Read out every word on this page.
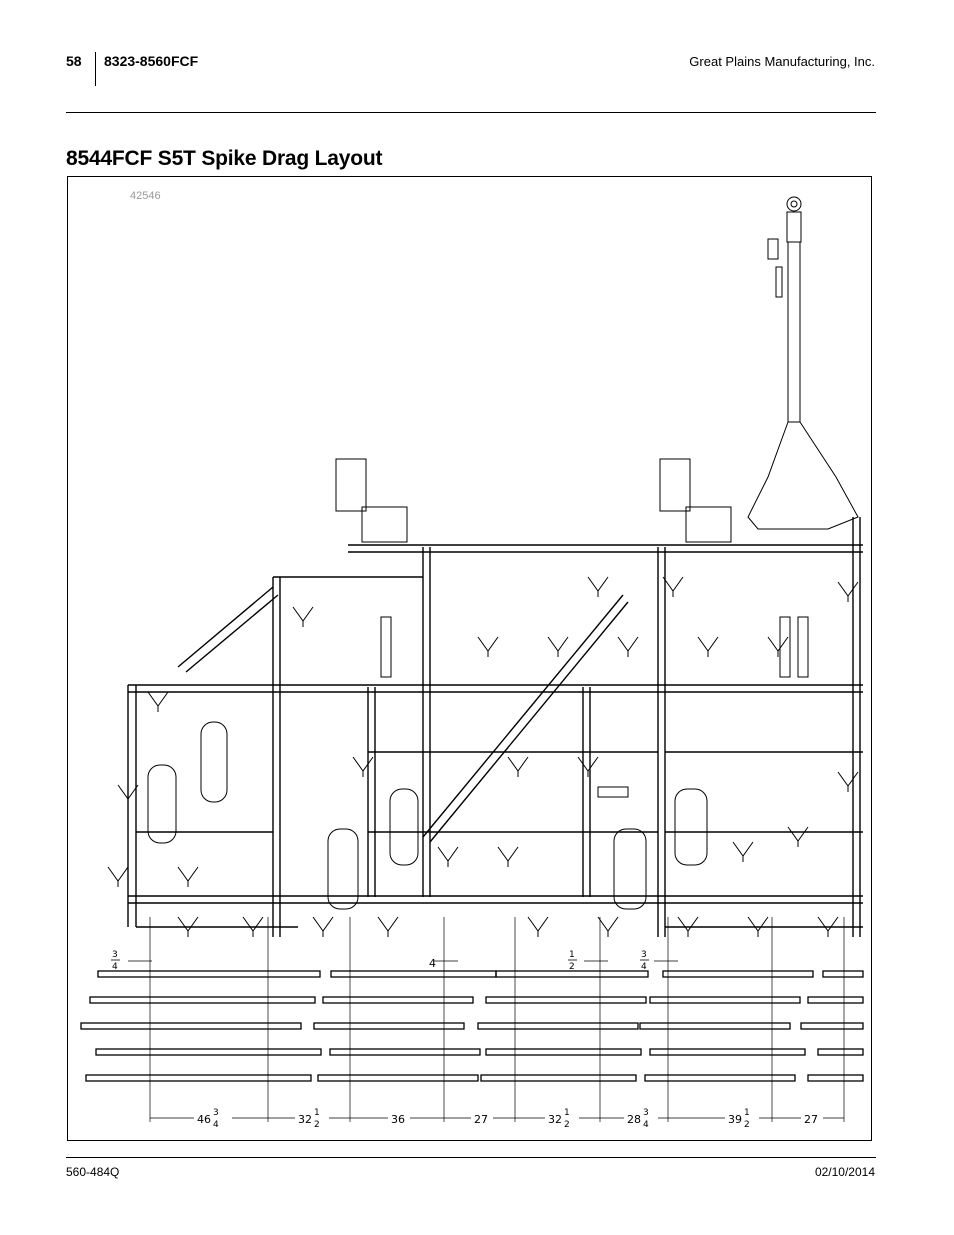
58 8323-8560FCF	Great Plains Manufacturing, Inc.
8544FCF S5T Spike Drag Layout
42546
3
4	4
1
2
3
4
46 3
4	32 1
2	36	27	32 1
2	28 3
4	39 1
2	27
560-484Q	02/10/2014
